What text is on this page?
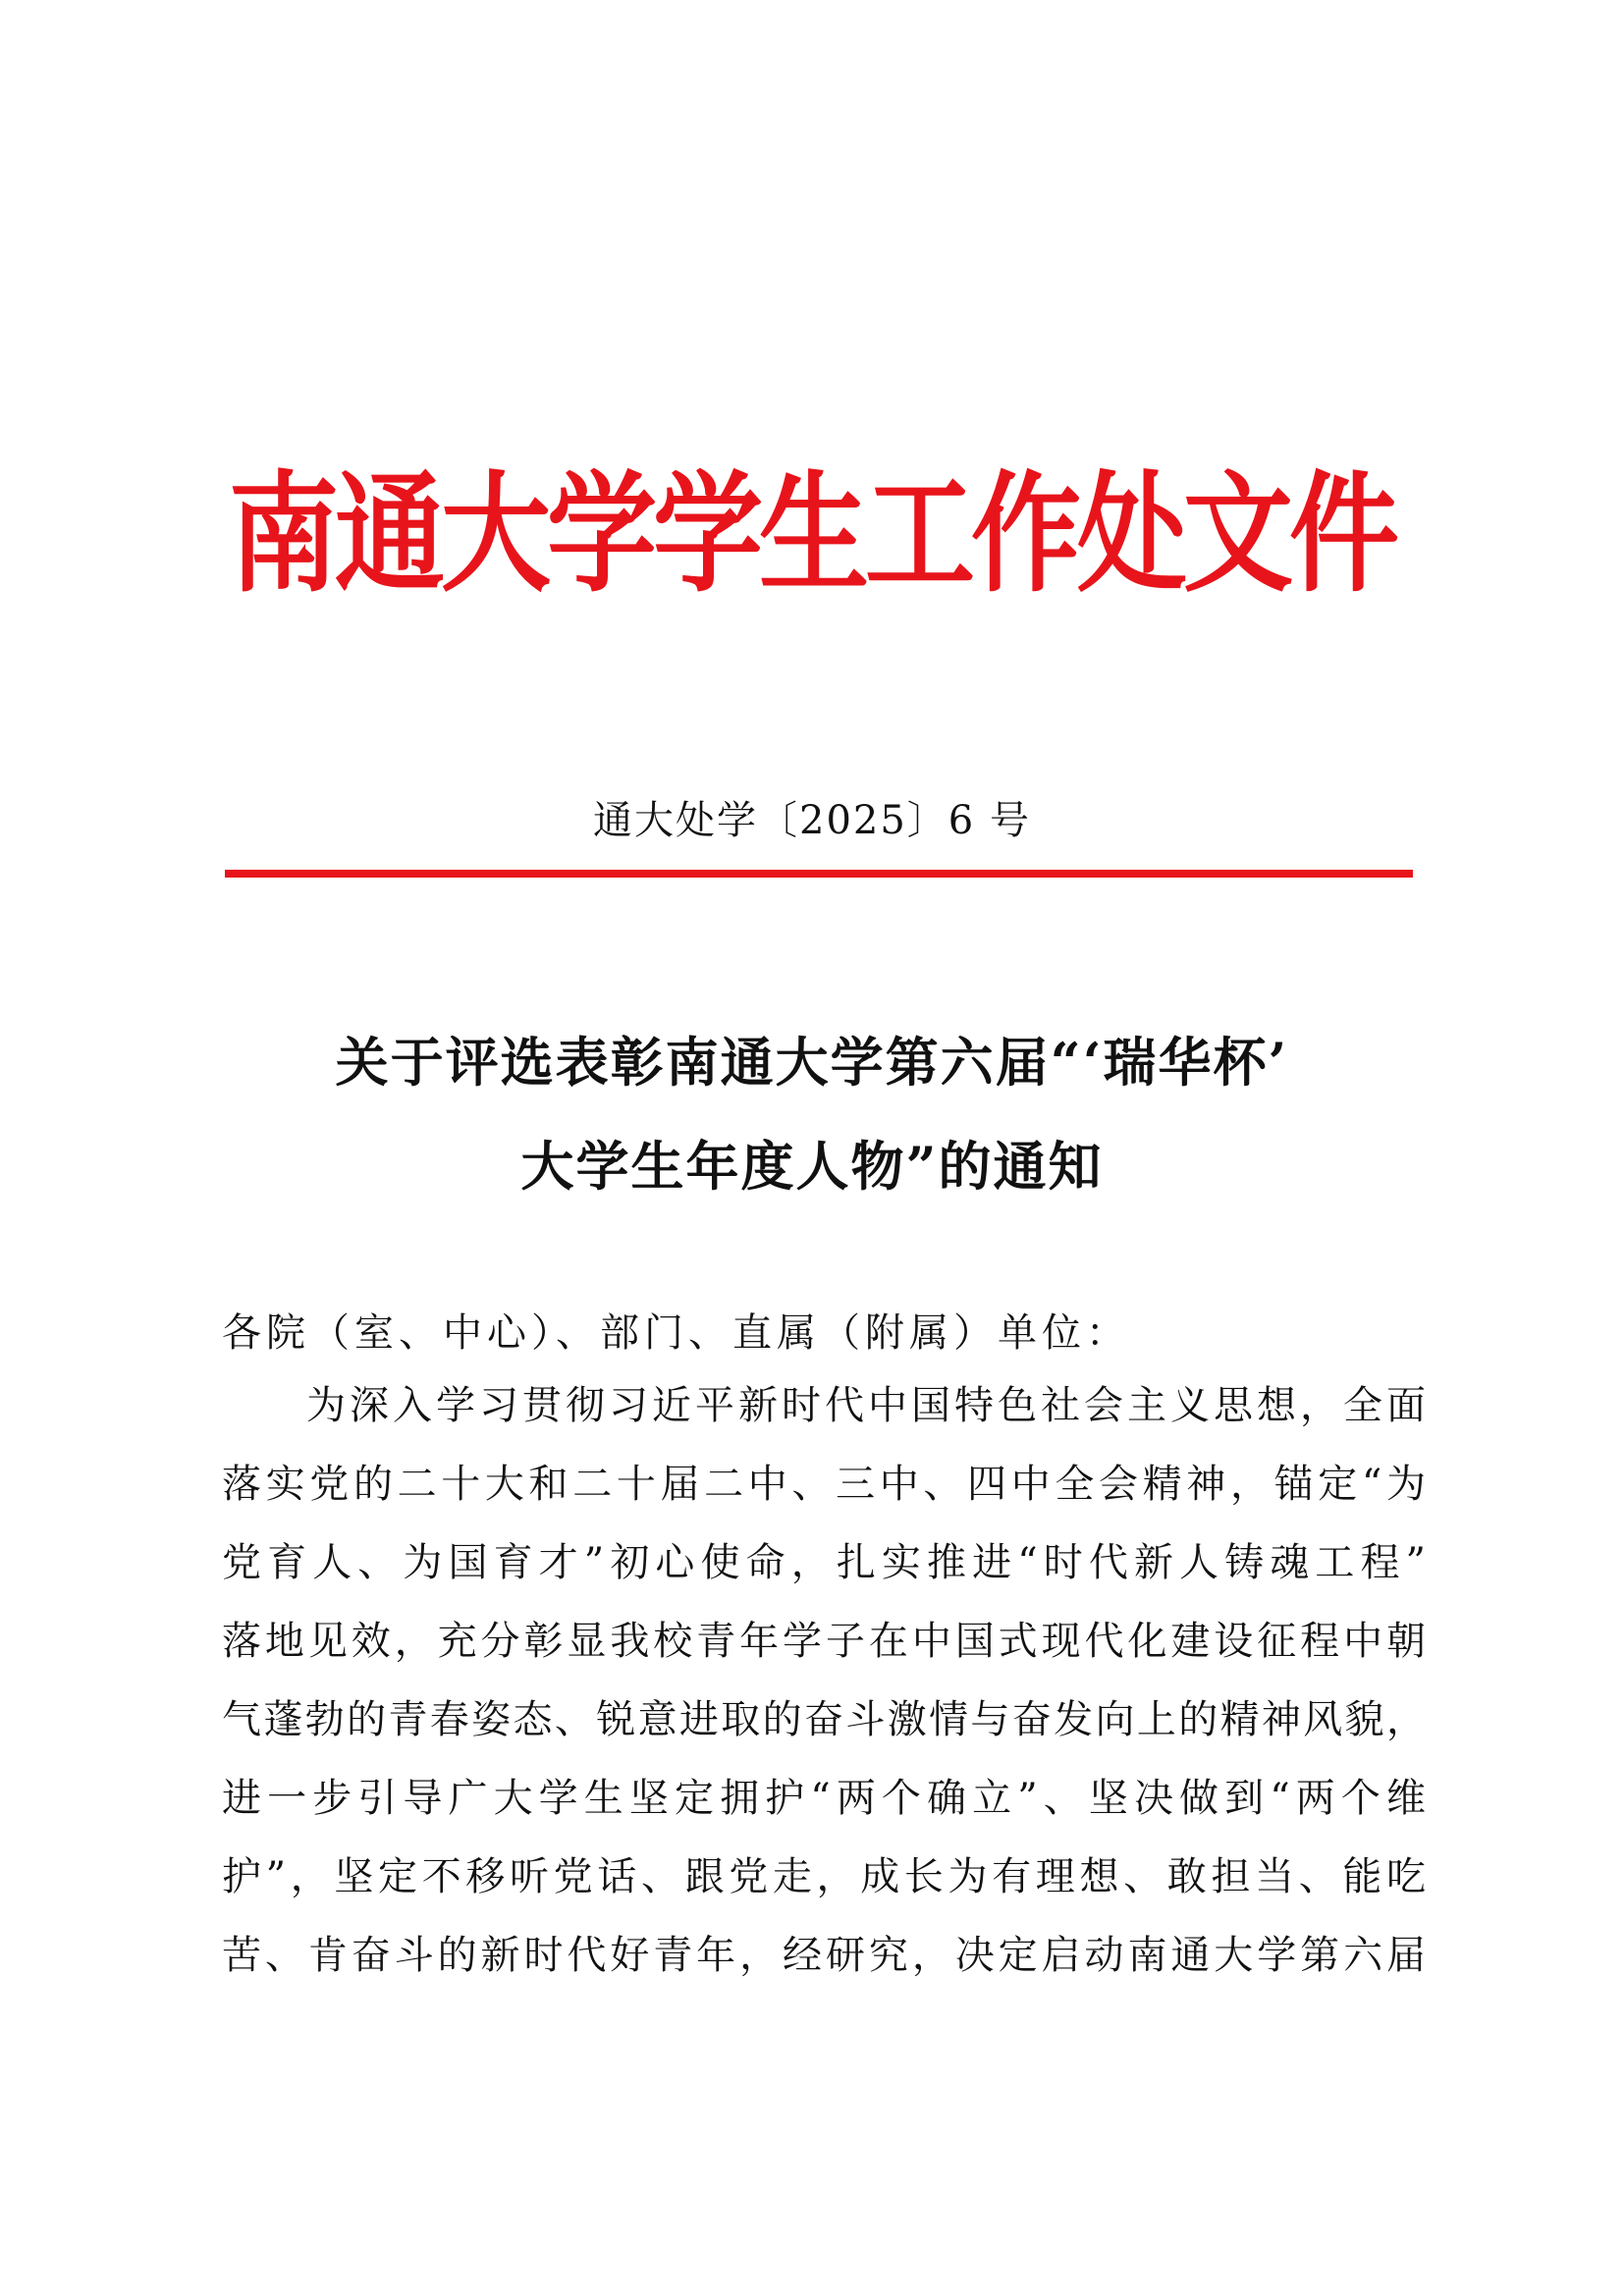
南通大学学生工作处文件
通大处学〔2025〕6 号
关于评选表彰南通大学第六届“‘瑞华杯’
大学生年度人物”的通知
各院（室、中心）、部门、直属（附属）单位：
为深入学习贯彻习近平新时代中国特色社会主义思想，全面
落实党的二十大和二十届二中、三中、四中全会精神，锚定“为
党育人、为国育才”初心使命，扎实推进“时代新人铸魂工程”
落地见效，充分彰显我校青年学子在中国式现代化建设征程中朝
气蓬勃的青春姿态、锐意进取的奋斗激情与奋发向上的精神风貌，
进一步引导广大学生坚定拥护“两个确立”、坚决做到“两个维
护”，坚定不移听党话、跟党走，成长为有理想、敢担当、能吃
苦、肯奋斗的新时代好青年，经研究，决定启动南通大学第六届
